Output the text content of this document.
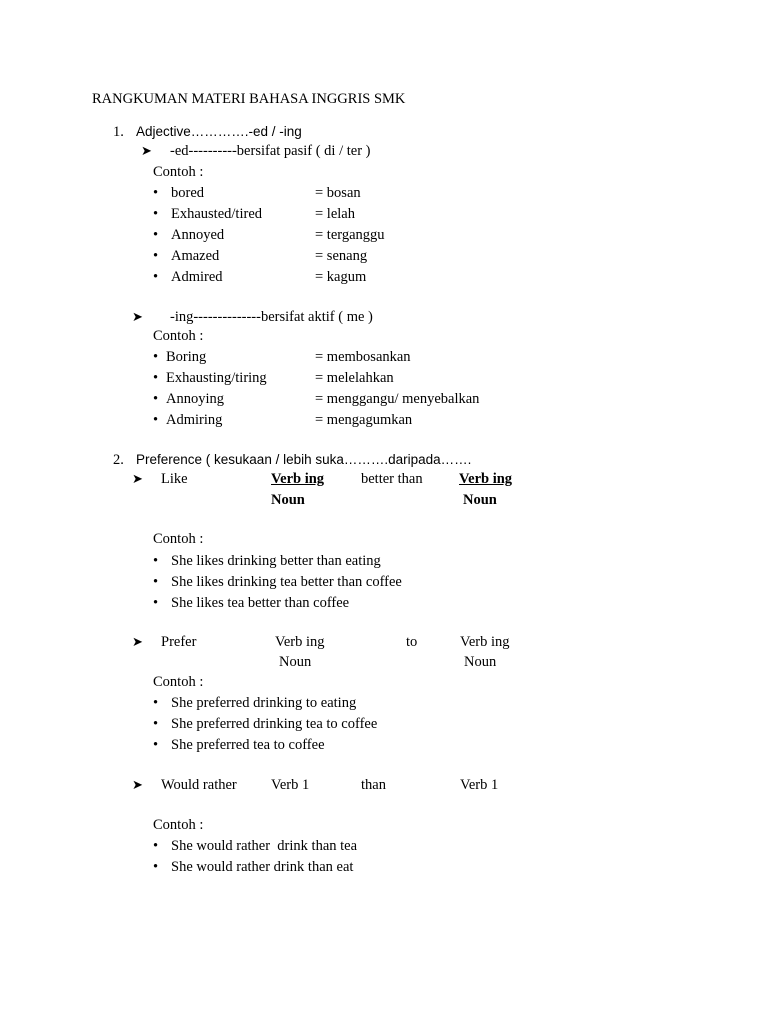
RANGKUMAN MATERI BAHASA INGGRIS SMK
1. Adjective………….-ed / -ing
➤ -ed----------bersifat pasif ( di / ter )
Contoh :
• bored	= bosan
• Exhausted/tired	= lelah
• Annoyed	= terganggu
• Amazed	= senang
• Admired	= kagum
➤ -ing--------------bersifat aktif ( me )
Contoh :
• Boring	= membosankan
• Exhausting/tiring	= melelahkan
• Annoying	= menggangu/ menyebalkan
• Admiring	= mengagumkan
2. Preference ( kesukaan / lebih suka……….daripada…….
➤ Like	Verb ing	better than	Verb ing
Noun	Noun
Contoh :
• She likes drinking better than eating
• She likes drinking tea better than coffee
• She likes tea better than coffee
➤ Prefer	Verb ing	to	Verb ing
Noun	Noun
Contoh :
• She preferred drinking to eating
• She preferred drinking tea to coffee
• She preferred tea to coffee
➤ Would rather Verb 1	than	Verb 1
Contoh :
• She would rather  drink than tea
• She would rather drink than eat
